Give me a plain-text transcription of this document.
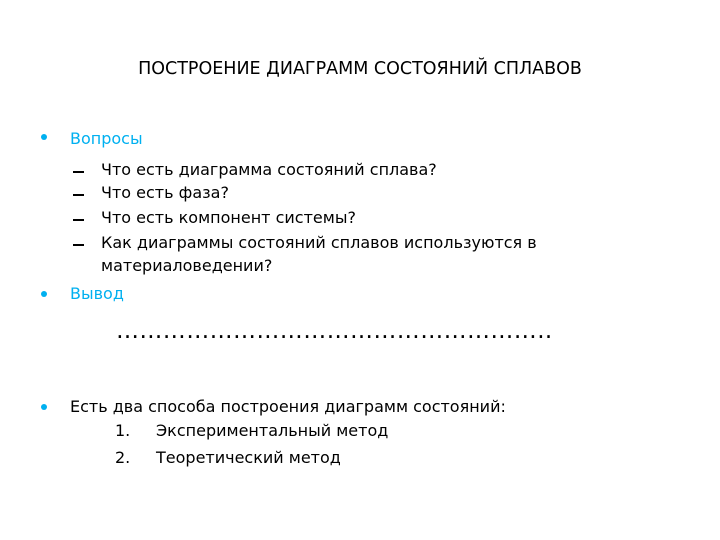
ПОСТРОЕНИЕ ДИАГРАММ СОСТОЯНИЙ СПЛАВОВ
Вопросы
Что есть диаграмма состояний сплава?
Что есть фаза?
Что есть компонент системы?
Как диаграммы состояний сплавов используются в
материаловедении?
Вывод
………………………………………………..
Есть два способа построения диаграмм состояний:
1. Экспериментальный метод
2. Теоретический метод
